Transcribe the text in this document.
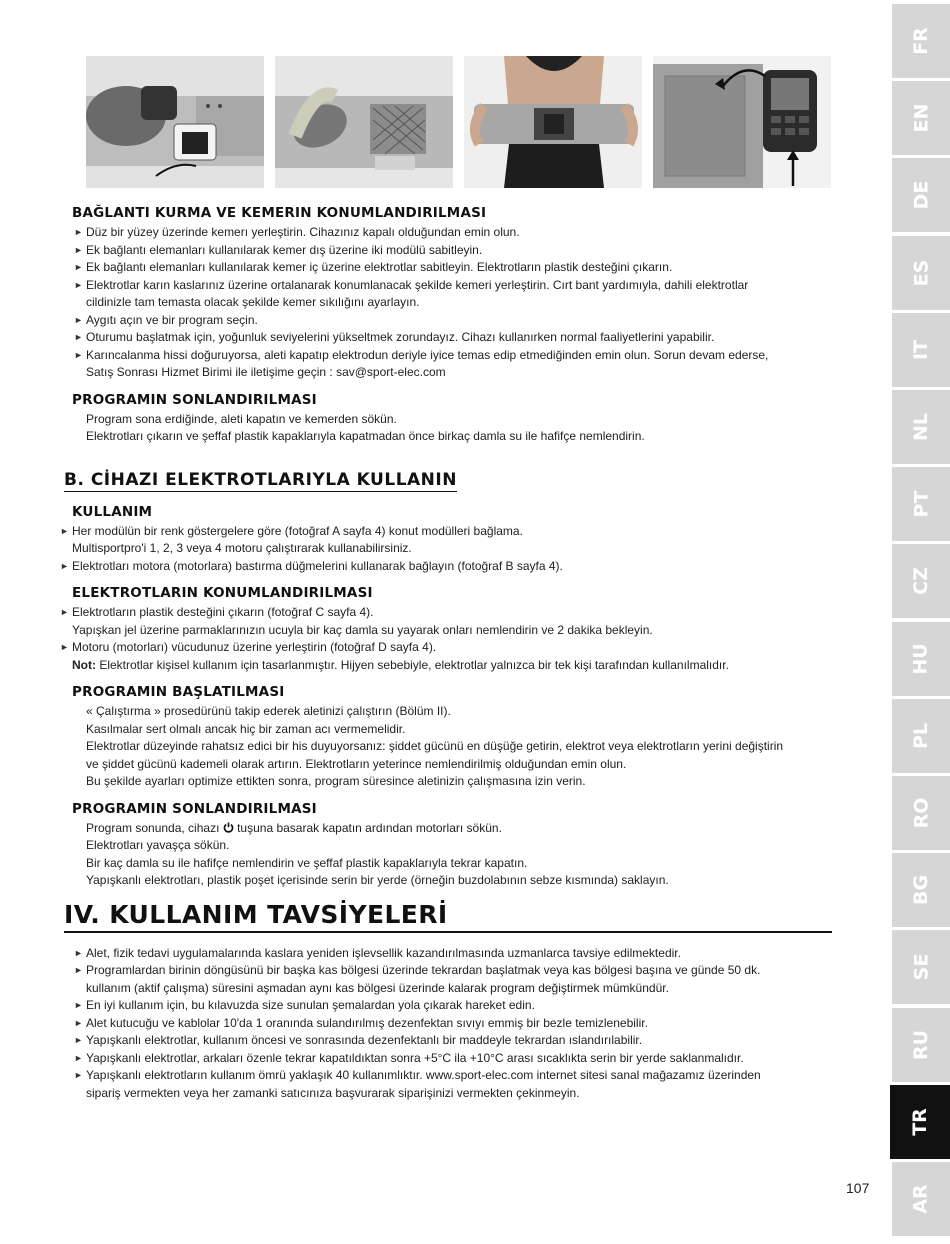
BAĞLANTI KURMA VE KEMERIN KONUMLANDIRILMASI
► Düz bir yüzey üzerinde kemerı yerleştirin. Cihazınız kapalı olduğundan emin olun.
► Ek bağlantı elemanları kullanılarak kemer dış üzerine iki modülü sabitleyin.
► Ek bağlantı elemanları kullanılarak kemer iç üzerine elektrotlar sabitleyin. Elektrotların plastik desteğini çıkarın.
► Elektrotlar karın kaslarınız üzerine ortalanarak konumlanacak şekilde kemeri yerleştirin. Cırt bant yardımıyla, dahili elektrotlar
cildinizle tam temasta olacak şekilde kemer sıkılığını ayarlayın.
► Aygıtı açın ve bir program seçin.
► Oturumu başlatmak için, yoğunluk seviyelerini yükseltmek zorundayız. Cihazı kullanırken normal faaliyetlerini yapabilir.
► Karıncalanma hissi doğuruyorsa, aleti kapatıp elektrodun deriyle iyice temas edip etmediğinden emin olun. Sorun devam ederse,
Satış Sonrası Hizmet Birimi ile iletişime geçin : sav@sport-elec.com
PROGRAMIN SONLANDIRILMASI
Program sona erdiğinde, aleti kapatın ve kemerden sökün.
Elektrotları çıkarın ve şeffaf plastik kapaklarıyla kapatmadan önce birkaç damla su ile hafifçe nemlendirin.
B. CİHAZI ELEKTROTLARIYLA KULLANIN
KULLANIM
► Her modülün bir renk göstergelere göre (fotoğraf A sayfa 4) konut modülleri bağlama.
Multisportpro'i 1, 2, 3 veya 4 motoru çalıştırarak kullanabilirsiniz.
► Elektrotları motora (motorlara) bastırma düğmelerini kullanarak bağlayın (fotoğraf B sayfa 4).
ELEKTROTLARIN KONUMLANDIRILMASI
► Elektrotların plastik desteğini çıkarın (fotoğraf C sayfa 4).
Yapışkan jel üzerine parmaklarınızın ucuyla bir kaç damla su yayarak onları nemlendirin ve 2 dakika bekleyin.
► Motoru (motorları) vücudunuz üzerine yerleştirin (fotoğraf D sayfa 4).
Not: Elektrotlar kişisel kullanım için tasarlanmıştır. Hijyen sebebiyle, elektrotlar yalnızca bir tek kişi tarafından kullanılmalıdır.
PROGRAMIN BAŞLATILMASI
« Çalıştırma » prosedürünü takip ederek aletinizi çalıştırın (Bölüm II).
Kasılmalar sert olmalı ancak hiç bir zaman acı vermemelidir.
Elektrotlar düzeyinde rahatsız edici bir his duyuyorsanız: şiddet gücünü en düşüğe getirin, elektrot veya elektrotların yerini değiştirin
ve şiddet gücünü kademeli olarak artırın. Elektrotların yeterince nemlendirilmiş olduğundan emin olun.
Bu şekilde ayarları optimize ettikten sonra, program süresince aletinizin çalışmasına izin verin.
PROGRAMIN SONLANDIRILMASI
Program sonunda, cihazı  tuşuna basarak kapatın ardından motorları sökün.
Elektrotları yavaşça sökün.
Bir kaç damla su ile hafifçe nemlendirin ve şeffaf plastik kapaklarıyla tekrar kapatın.
Yapışkanlı elektrotları, plastik poşet içerisinde serin bir yerde (örneğin buzdolabının sebze kısmında) saklayın.
IV. KULLANIM TAVSİYELERİ
► Alet, fizik tedavi uygulamalarında kaslara yeniden işlevsellik kazandırılmasında uzmanlarca tavsiye edilmektedir.
► Programlardan birinin döngüsünü bir başka kas bölgesi üzerinde tekrardan başlatmak veya kas bölgesi başına ve günde 50 dk.
kullanım (aktif çalışma) süresini aşmadan aynı kas bölgesi üzerinde kalarak program değiştirmek mümkündür.
► En iyi kullanım için, bu kılavuzda size sunulan şemalardan yola çıkarak hareket edin.
► Alet kutucuğu ve kablolar 10'da 1 oranında sulandırılmış dezenfektan sıvıyı emmiş bir bezle temizlenebilir.
► Yapışkanlı elektrotlar, kullanım öncesi ve sonrasında dezenfektanlı bir maddeyle tekrardan ıslandırılabilir.
► Yapışkanlı elektrotlar, arkaları özenle tekrar kapatıldıktan sonra +5°C ila +10°C arası sıcaklıkta serin bir yerde saklanmalıdır.
► Yapışkanlı elektrotların kullanım ömrü yaklaşık 40 kullanımlıktır. www.sport-elec.com internet sitesi sanal mağazamız üzerinden
sipariş vermekten veya her zamanki satıcınıza başvurarak siparişinizi vermekten çekinmeyin.
FR
EN
DE
ES
IT
NL
PT
CZ
HU
PL
RO
BG
SE
RU
TR
AR
107
